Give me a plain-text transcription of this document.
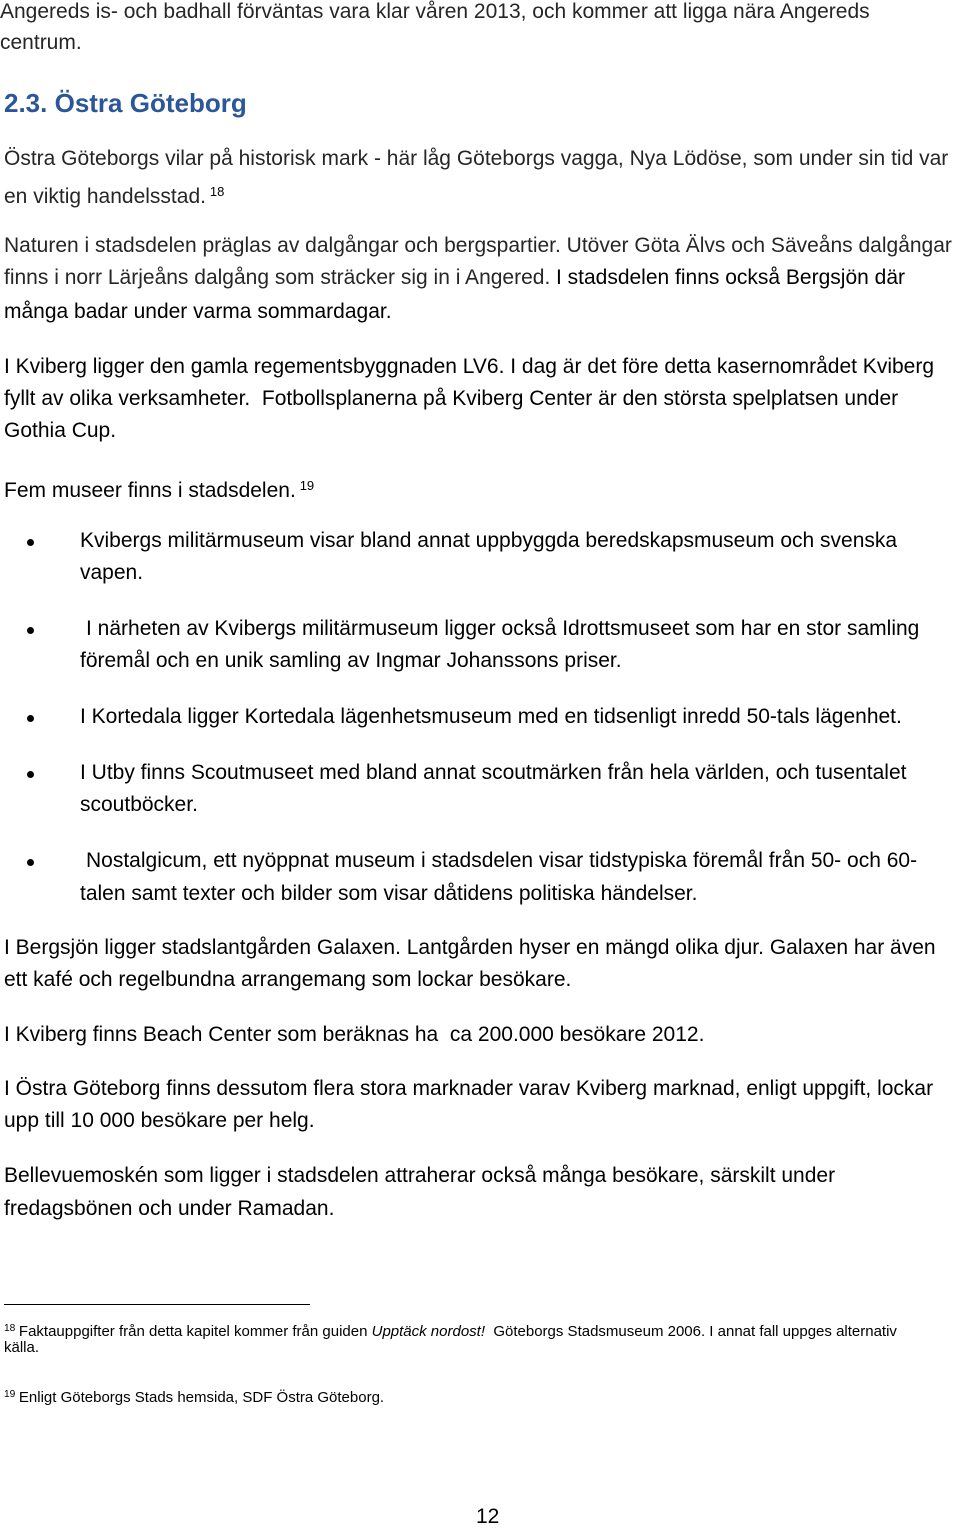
Angereds is- och badhall förväntas vara klar våren 2013, och kommer att ligga nära Angereds
centrum.
2.3. Östra Göteborg
Östra Göteborgs vilar på historisk mark - här låg Göteborgs vagga, Nya Lödöse, som under sin tid var
en viktig handelsstad. $^{18}$
Naturen i stadsdelen präglas av dalgångar och bergspartier. Utöver Göta Älvs och Säveåns dalgångar
finns i norr Lärjeåns dalgång som sträcker sig in i Angered. I stadsdelen finns också Bergsjön där
många badar under varma sommardagar.
I Kviberg ligger den gamla regementsbyggnaden LV6. I dag är det före detta kasernområdet Kviberg
fyllt av olika verksamheter.  Fotbollsplanerna på Kviberg Center är den största spelplatsen under
Gothia Cup.
Fem museer finns i stadsdelen. $^{19}$
Kvibergs militärmuseum visar bland annat uppbyggda beredskapsmuseum och svenska
vapen.
I närheten av Kvibergs militärmuseum ligger också Idrottsmuseet som har en stor samling
föremål och en unik samling av Ingmar Johanssons priser.
I Kortedala ligger Kortedala lägenhetsmuseum med en tidsenligt inredd 50-tals lägenhet.
I Utby finns Scoutmuseet med bland annat scoutmärken från hela världen, och tusentalet
scoutböcker.
Nostalgicum, ett nyöppnat museum i stadsdelen visar tidstypiska föremål från 50- och 60-
talen samt texter och bilder som visar dåtidens politiska händelser.
I Bergsjön ligger stadslantgården Galaxen. Lantgården hyser en mängd olika djur. Galaxen har även
ett kafé och regelbundna arrangemang som lockar besökare.
I Kviberg finns Beach Center som beräknas ha  ca 200.000 besökare 2012.
I Östra Göteborg finns dessutom flera stora marknader varav Kviberg marknad, enligt uppgift, lockar
upp till 10 000 besökare per helg.
Bellevuemoskén som ligger i stadsdelen attraherar också många besökare, särskilt under
fredagsbönen och under Ramadan.
$^{18}$ Faktauppgifter från detta kapitel kommer från guiden Upptäck nordost!  Göteborgs Stadsmuseum 2006. I annat fall uppges alternativ
källa.
$^{19}$ Enligt Göteborgs Stads hemsida, SDF Östra Göteborg.
12
